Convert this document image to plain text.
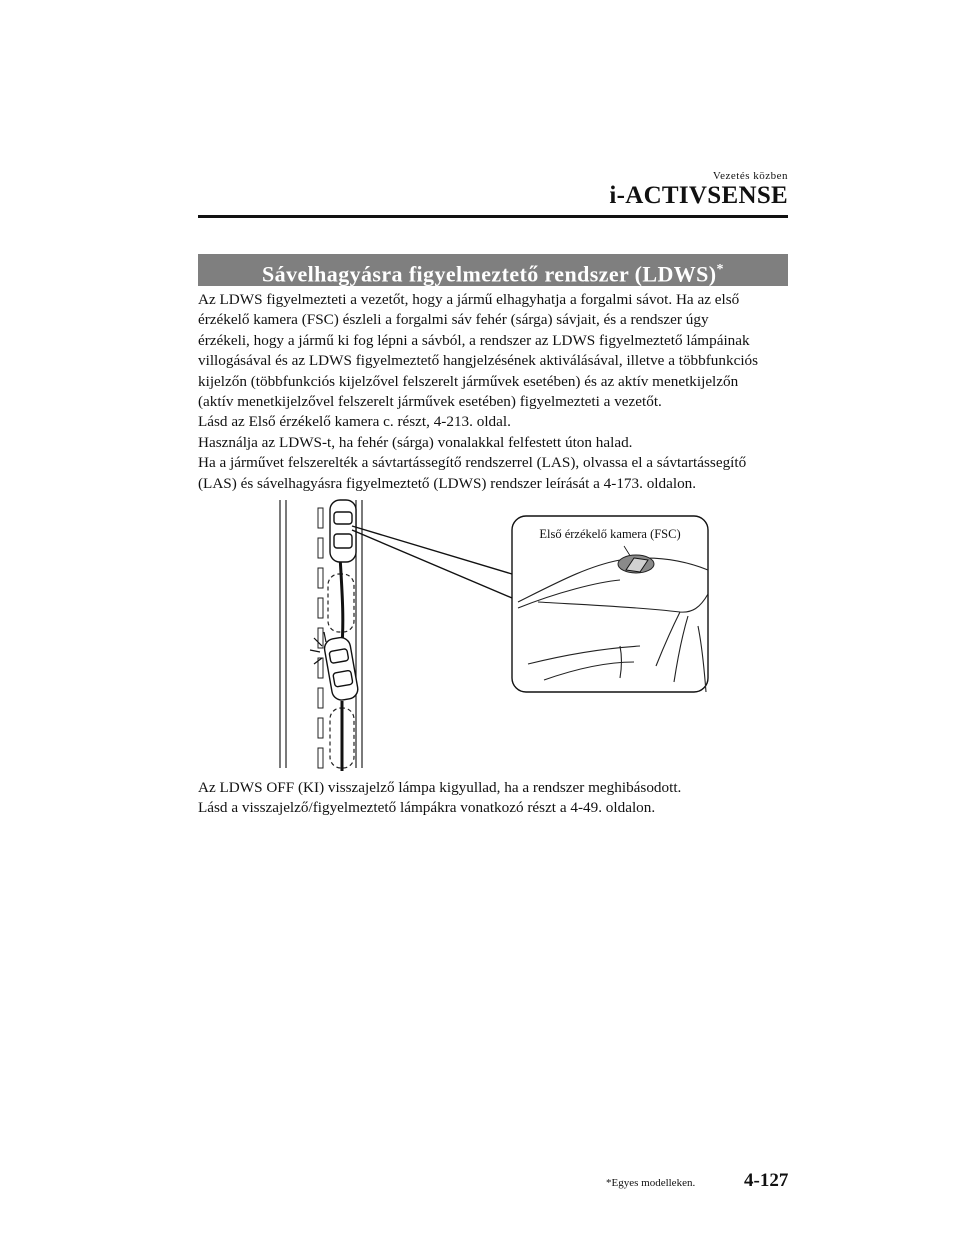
Vezetés közben
i-ACTIVSENSE
Sávelhagyásra figyelmeztető rendszer (LDWS)*
Az LDWS figyelmezteti a vezetőt, hogy a jármű elhagyhatja a forgalmi sávot. Ha az első
érzékelő kamera (FSC) észleli a forgalmi sáv fehér (sárga) sávjait, és a rendszer úgy
érzékeli, hogy a jármű ki fog lépni a sávból, a rendszer az LDWS figyelmeztető lámpáinak
villogásával és az LDWS figyelmeztető hangjelzésének aktiválásával, illetve a többfunkciós
kijelzőn (többfunkciós kijelzővel felszerelt járművek esetében) és az aktív menetkijelzőn
(aktív menetkijelzővel felszerelt járművek esetében) figyelmezteti a vezetőt.
Lásd az Első érzékelő kamera c. részt, 4-213. oldal.
Használja az LDWS-t, ha fehér (sárga) vonalakkal felfestett úton halad.
Ha a járművet felszerelték a sávtartássegítő rendszerrel (LAS), olvassa el a sávtartássegítő
(LAS) és sávelhagyásra figyelmeztető (LDWS) rendszer leírását a 4-173. oldalon.
Első érzékelő kamera (FSC)
Az LDWS OFF (KI) visszajelző lámpa kigyullad, ha a rendszer meghibásodott.
Lásd a visszajelző/figyelmeztető lámpákra vonatkozó részt a 4-49. oldalon.
*Egyes modelleken.	4-127
